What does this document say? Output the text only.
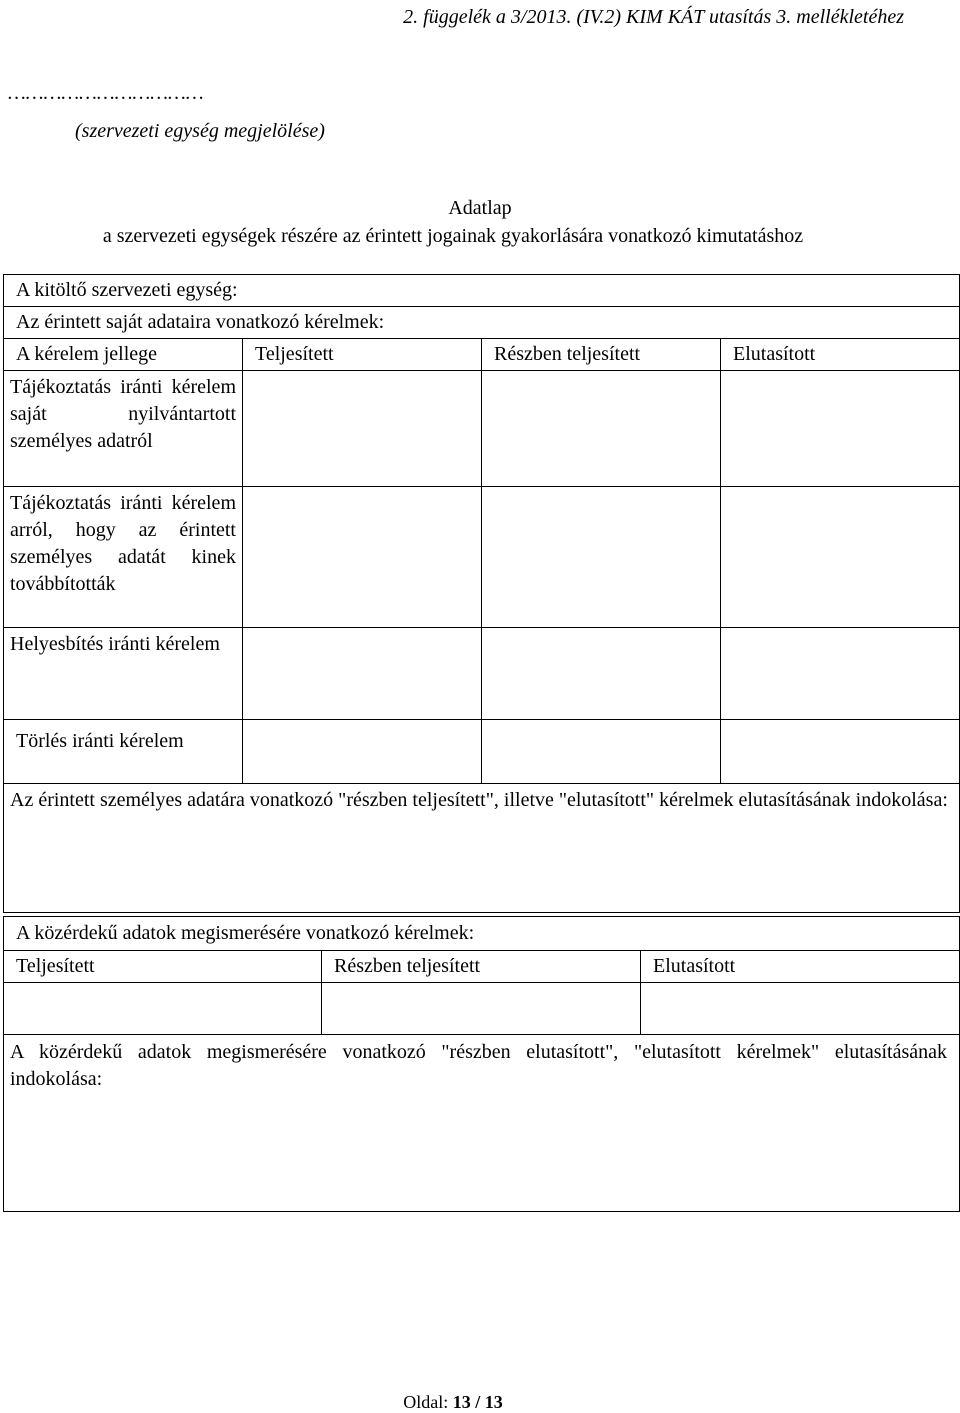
2. függelék a 3/2013. (IV.2) KIM KÁT utasítás 3. mellékletéhez
……………………………
(szervezeti egység megjelölése)
Adatlap
a szervezeti egységek részére az érintett jogainak gyakorlására vonatkozó kimutatáshoz
A kitöltő szervezeti egység:			
Az érintett saját adataira vonatkozó kérelmek:			
A kérelem jellege	Teljesített	Részben teljesített	Elutasított
Tájékoztatás iránti kérelem saját nyilvántartott személyes adatról			
Tájékoztatás iránti kérelem arról, hogy az érintett személyes adatát kinek továbbították			
Helyesbítés iránti kérelem			
Törlés iránti kérelem			
Az érintett személyes adatára vonatkozó "részben teljesített", illetve "elutasított" kérelmek elutasításának indokolása:			
A közérdekű adatok megismerésére vonatkozó kérelmek:		
Teljesített	Részben teljesített	Elutasított

A közérdekű adatok megismerésére vonatkozó "részben elutasított", "elutasított kérelmek" elutasításának indokolása:		
Oldal: 13 / 13
